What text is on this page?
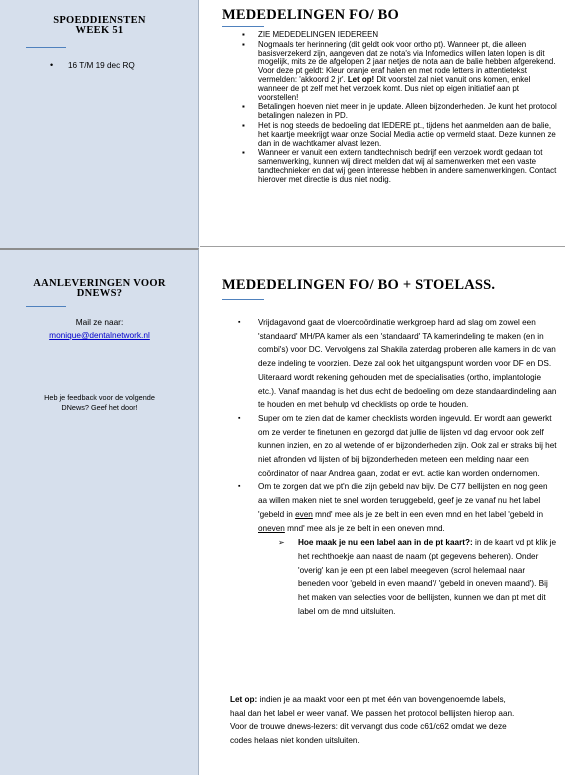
SPOEDDIENSTEN
WEEK 51
• 16 T/M 19 dec RQ
AANLEVERINGEN VOOR
DNEWS?
Mail ze naar:
monique@dentalnetwork.nl
Heb je feedback voor de volgende
DNews? Geef het door!
MEDEDELINGEN FO/ BO
▪ ZIE MEDEDELINGEN IEDEREEN
▪ Nogmaals ter herinnering (dit geldt ook voor ortho pt). Wanneer pt, die alleen basisverzekerd zijn, aangeven dat ze nota's via Infomedics willen laten lopen is dit mogelijk, mits ze de afgelopen 2 jaar netjes de nota aan de balie hebben afgerekend. Voor deze pt geldt: Kleur oranje eraf halen en met rode letters in attentietekst vermelden: 'akkoord 2 jr'. Let op! Dit voorstel zal niet vanuit ons komen, enkel wanneer de pt zelf met het verzoek komt. Dus niet op eigen initiatief aan pt voorstellen!
▪ Betalingen hoeven niet meer in je update. Alleen bijzonderheden. Je kunt het protocol betalingen nalezen in PD.
▪ Het is nog steeds de bedoeling dat IEDERE pt., tijdens het aanmelden aan de balie, het kaartje meekrijgt waar onze Social Media actie op vermeld staat. Deze kunnen ze dan in de wachtkamer alvast lezen.
▪ Wanneer er vanuit een extern tandtechnisch bedrijf een verzoek wordt gedaan tot samenwerking, kunnen wij direct melden dat wij al samenwerken met een vaste tandtechnieker en dat wij geen interesse hebben in andere samenwerkingen. Contact hierover met directie is dus niet nodig.
MEDEDELINGEN FO/ BO + STOELASS.
▪ Vrijdagavond gaat de vloercoördinatie werkgroep hard ad slag om zowel een 'standaard' MH/PA kamer als een 'standaard' TA kamerindeling te maken (en in combi's) voor DC. Vervolgens zal Shakila zaterdag proberen alle kamers in dc van deze indeling te voorzien. Deze zal ook het uitgangspunt worden voor DF en DS. Uiteraard wordt rekening gehouden met de specialisaties (ortho, implantologie etc.). Vanaf maandag is het dus echt de bedoeling om deze standaardindeling aan te houden en met behulp vd checklists op orde te houden.
▪ Super om te zien dat de kamer checklists worden ingevuld. Er wordt aan gewerkt om ze verder te finetunen en gezorgd dat jullie de lijsten vd dag ervoor ook zelf kunnen inzien, en zo al wetende of er bijzonderheden zijn. Ook zal er straks bij het niet afronden vd lijsten of bij bijzonderheden meteen een melding naar een coördinator of naar Andrea gaan, zodat er evt. actie kan worden ondernomen.
▪ Om te zorgen dat we pt'n die zijn gebeld nav bijv. De C77 bellijsten en nog geen aa willen maken niet te snel worden teruggebeld, geef je ze vanaf nu het label 'gebeld in even mnd' mee als je ze belt in een even mnd en het label 'gebeld in oneven mnd' mee als je ze belt in een oneven mnd.
➢ Hoe maak je nu een label aan in de pt kaart?: in de kaart vd pt klik je het rechthoekje aan naast de naam (pt gegevens beheren). Onder 'overig' kan je een pt een label meegeven (scrol helemaal naar beneden voor 'gebeld in even maand'/ 'gebeld in oneven maand'). Bij het maken van selecties voor de bellijsten, kunnen we dan pt met dit label om de mnd uitsluiten.
Let op: indien je aa maakt voor een pt met één van bovengenoemde labels, haal dan het label er weer vanaf. We passen het protocol bellijsten hierop aan. Voor de trouwe dnews-lezers: dit vervangt dus code c61/c62 omdat we deze codes helaas niet konden uitsluiten.
